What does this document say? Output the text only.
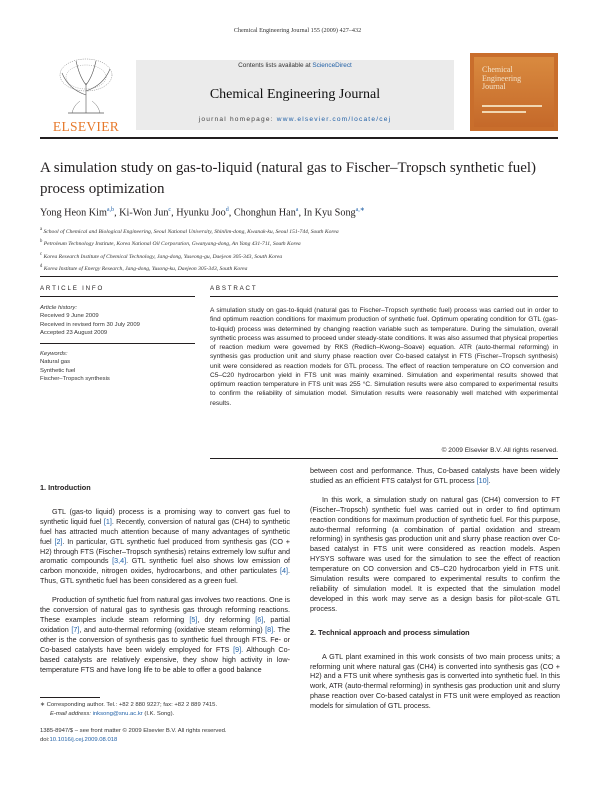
Chemical Engineering Journal 155 (2009) 427–432
ELSEVIER
Contents lists available at ScienceDirect
Chemical Engineering Journal
journal homepage: www.elsevier.com/locate/cej
Chemical Engineering Journal
A simulation study on gas-to-liquid (natural gas to Fischer–Tropsch synthetic fuel) process optimization
Yong Heon Kim$^{a,b}$, Ki-Won Jun$^c$, Hyunku Joo$^d$, Chonghun Han$^a$, In Kyu Song$^{a,∗}$
$^a$ School of Chemical and Biological Engineering, Seoul National University, Shinlim-dong, Kwanak-ku, Seoul 151-744, South Korea
$^b$ Petroleum Technology Institute, Korea National Oil Corporation, Gwanyang-dong, An Yang 431-711, South Korea
$^c$ Korea Research Institute of Chemical Technology, Jang-dong, Yuseong-gu, Daejeon 305-343, South Korea
$^d$ Korea Institute of Energy Research, Jang-dong, Yusong-ku, Daejeon 305-343, South Korea
ARTICLE INFO	ABSTRACT
Article history:
Received 9 June 2009
Received in revised form 30 July 2009
Accepted 23 August 2009
Keywords:
Natural gas
Synthetic fuel
Fischer–Tropsch synthesis
A simulation study on gas-to-liquid (natural gas to Fischer–Tropsch synthetic fuel) process was carried out in order to find optimum reaction conditions for maximum production of synthetic fuel. Optimum operating condition for GTL (gas-to-liquid) process was determined by changing reaction variable such as temperature. During the simulation, overall synthetic process was assumed to proceed under steady-state conditions. It was also assumed that physical properties of reaction medium were governed by RKS (Redlich–Kwong–Soave) equation. ATR (auto-thermal reforming) in synthesis gas production unit and slurry phase reaction over Co-based catalyst in FTS (Fischer–Tropsch synthesis) unit were considered as reaction models for GTL process. The effect of reaction temperature on CO conversion and C5–C20 hydrocarbon yield in FTS unit was mainly examined. Simulation and experimental results showed that optimum reaction temperature in FTS unit was 255 °C. Simulation results were also compared to experimental results to confirm the reliability of simulation model. Simulation results were reasonably well matched with experimental results.
© 2009 Elsevier B.V. All rights reserved.
1. Introduction
GTL (gas-to liquid) process is a promising way to convert gas fuel to synthetic liquid fuel [1]. Recently, conversion of natural gas (CH4) to synthetic fuel has attracted much attention because of many advantages of synthetic fuel [2]. In particular, GTL synthetic fuel produced from synthesis gas (CO + H2) through FTS (Fischer–Tropsch synthesis) retains extremely low sulfur and aromatic compounds [3,4]. GTL synthetic fuel also shows low emission of carbon monoxide, nitrogen oxides, hydrocarbons, and other particulates [4]. Thus, GTL synthetic fuel has been considered as a green fuel.
Production of synthetic fuel from natural gas involves two reactions. One is the conversion of natural gas to synthesis gas through reforming reactions. These examples include steam reforming [5], dry reforming [6], partial oxidation [7], and auto-thermal reforming (oxidative steam reforming) [8]. The other is the conversion of synthesis gas to synthetic fuel through FTS. Fe- or Co-based catalysts have been widely employed for FTS [9]. Although Co-based catalysts are relatively expensive, they show high activity in low-temperature FTS and have long life to be able to offer a good balance
between cost and performance. Thus, Co-based catalysts have been widely studied as an efficient FTS catalyst for GTL process [10].
In this work, a simulation study on natural gas (CH4) conversion to FT (Fischer–Tropsch) synthetic fuel was carried out in order to find optimum reaction conditions for maximum production of synthetic fuel. For this purpose, auto-thermal reforming (a combination of partial oxidation and stream reforming) in synthesis gas production unit and slurry phase reaction over Co-based catalyst in FTS unit were considered as reaction models. Aspen HYSYS software was used for the simulation to see the effect of reaction temperature on CO conversion and C5–C20 hydrocarbon yield in FTS unit. Simulation results were compared to experimental results to confirm the reliability of simulation model. It is expected that the simulation model developed in this work may serve as a design basis for pilot-scale GTL process.
2. Technical approach and process simulation
A GTL plant examined in this work consists of two main process units; a reforming unit where natural gas (CH4) is converted into synthesis gas (CO + H2) and a FTS unit where synthesis gas is converted into synthetic fuel. In this work, ATR (auto-thermal reforming) in synthesis gas production unit and slurry phase reaction over Co-based catalyst in FTS unit were employed as reaction models for simulation of GTL process.
∗ Corresponding author. Tel.: +82 2 880 9227; fax: +82 2 889 7415.
E-mail address: inksong@snu.ac.kr (I.K. Song).
1385-8947/$ – see front matter © 2009 Elsevier B.V. All rights reserved.
doi:10.1016/j.cej.2009.08.018
